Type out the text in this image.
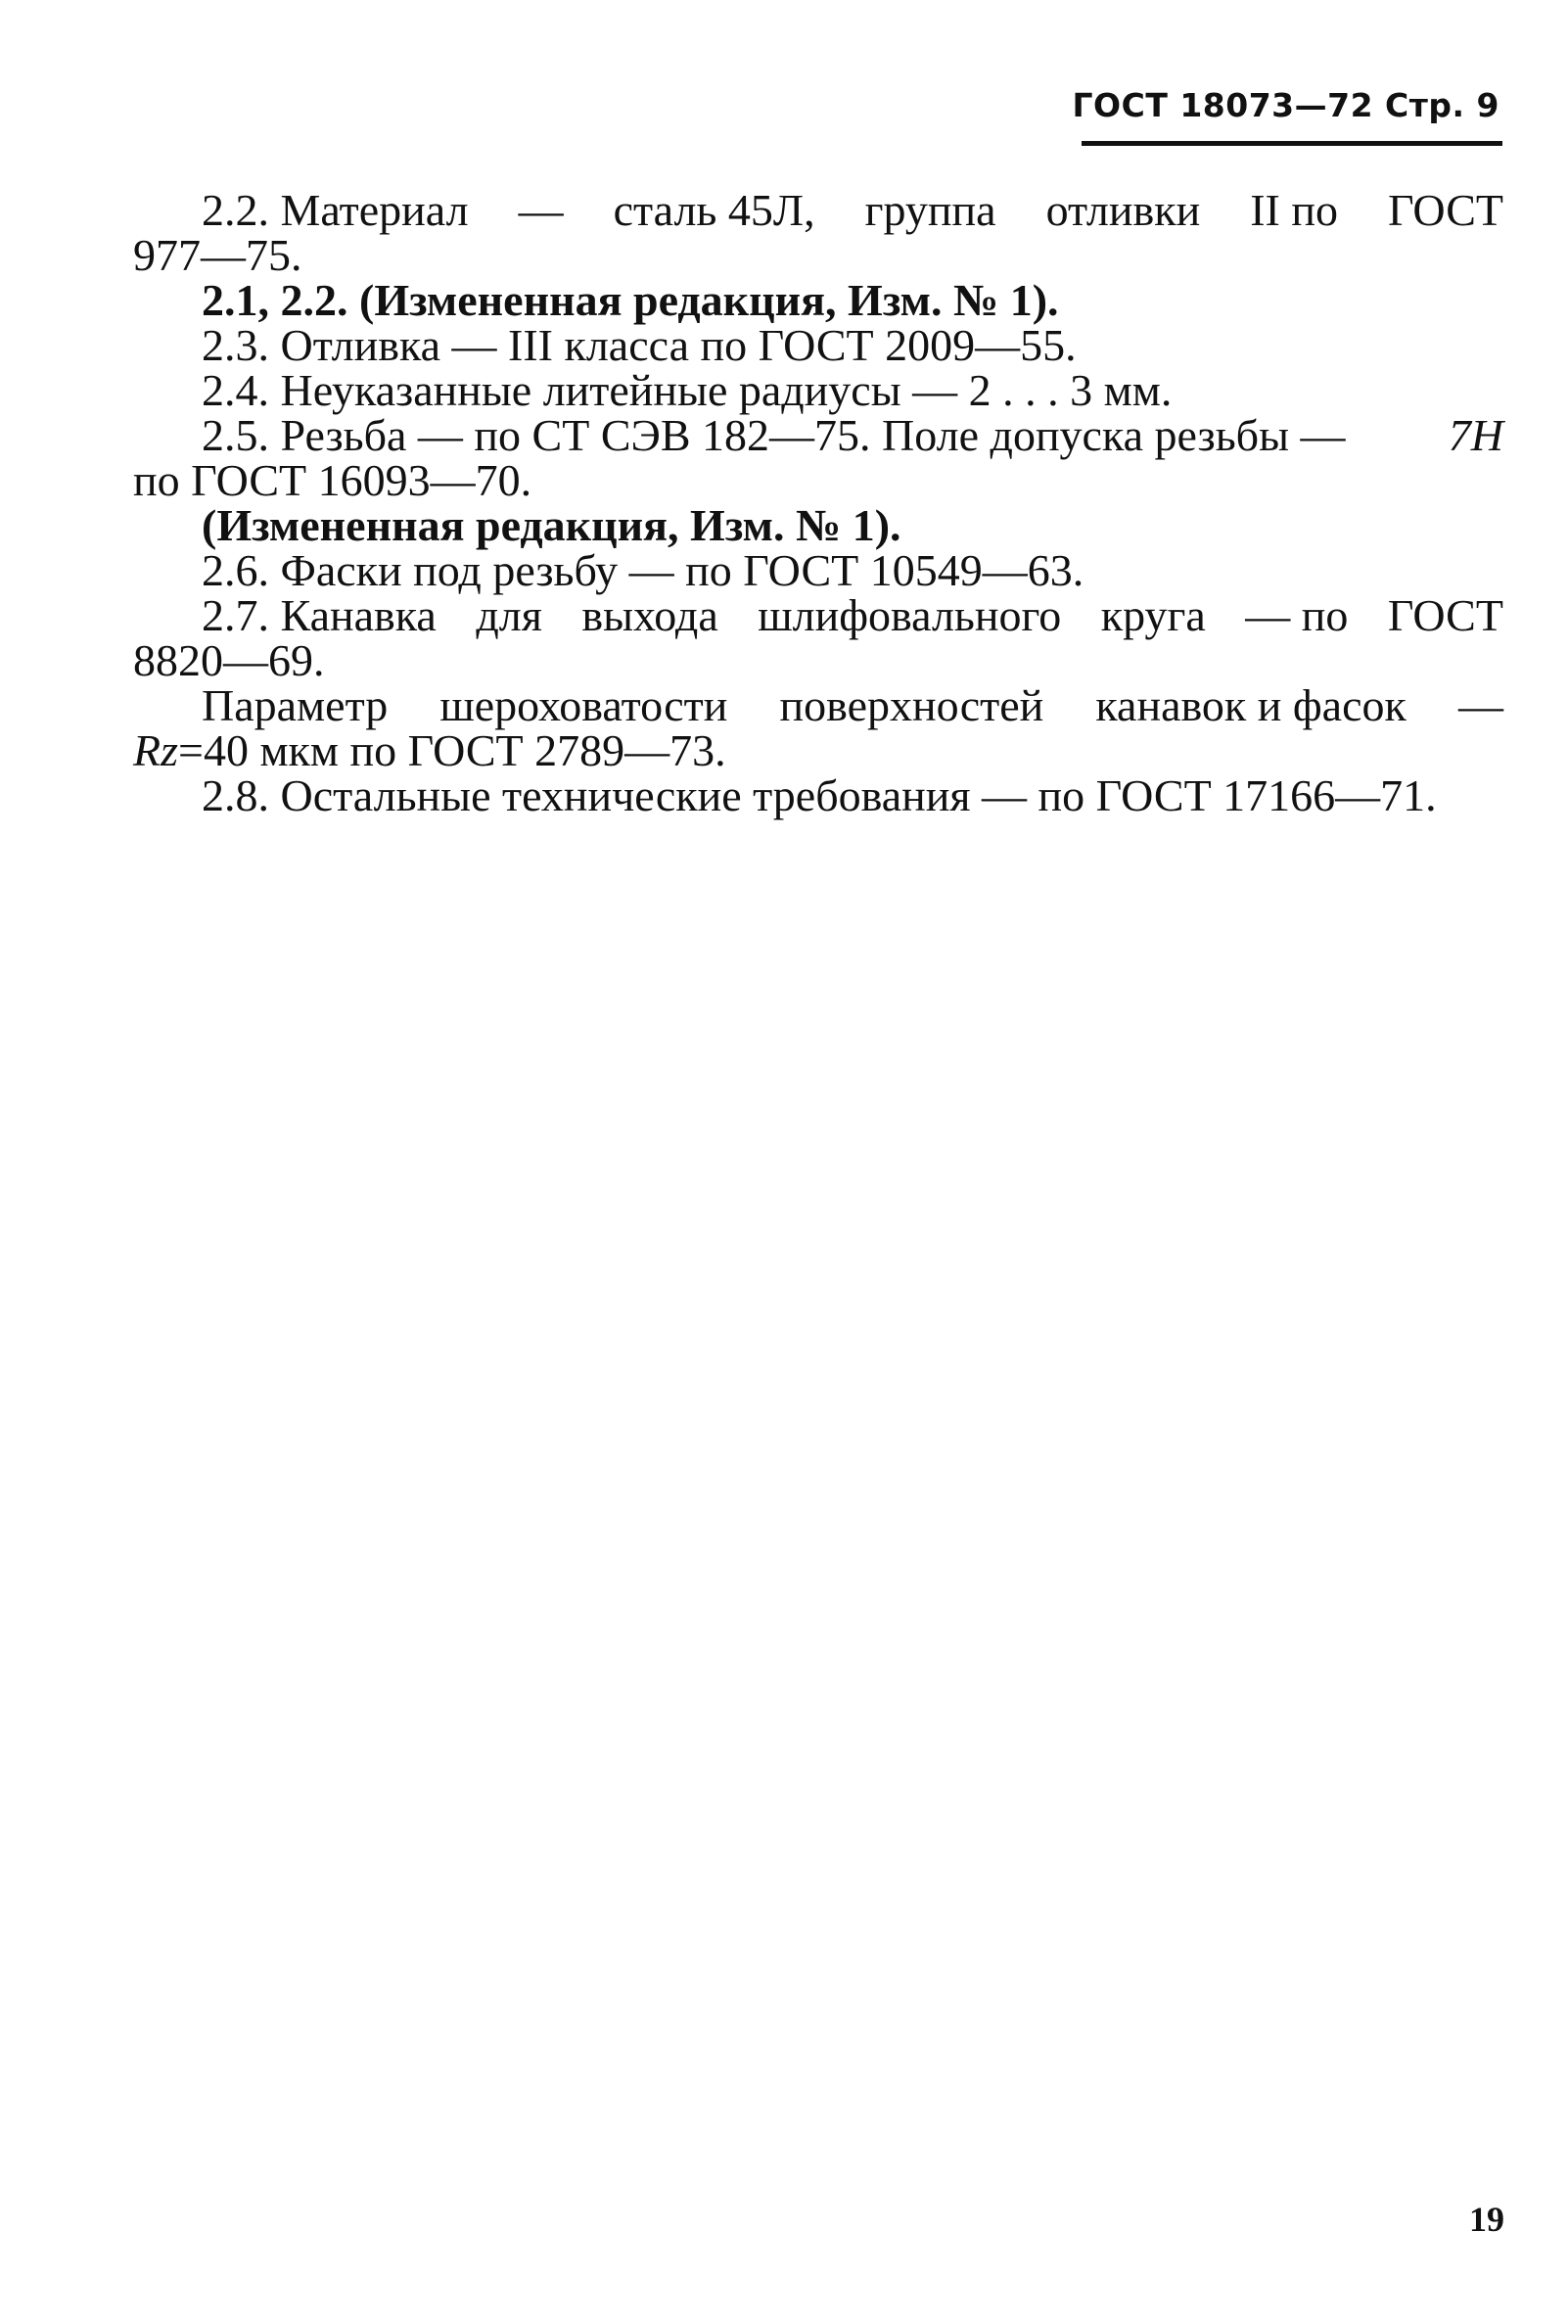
ГОСТ 18073—72 Стр. 9
2.2. Материал — сталь 45Л, группа отливки II по ГОСТ
977—75.
2.1, 2.2. (Измененная редакция, Изм. № 1).
2.3. Отливка — III класса по ГОСТ 2009—55.
2.4. Неуказанные литейные радиусы — 2 . . . 3 мм.
2.5. Резьба — по СТ СЭВ 182—75. Поле допуска резьбы — 7Н
по ГОСТ 16093—70.
(Измененная редакция, Изм. № 1).
2.6. Фаски под резьбу — по ГОСТ 10549—63.
2.7. Канавка для выхода шлифовального круга — по ГОСТ
8820—69.
Параметр шероховатости поверхностей канавок и фасок —
Rz=40 мкм по ГОСТ 2789—73.
2.8. Остальные технические требования — по ГОСТ 17166—71.
19
